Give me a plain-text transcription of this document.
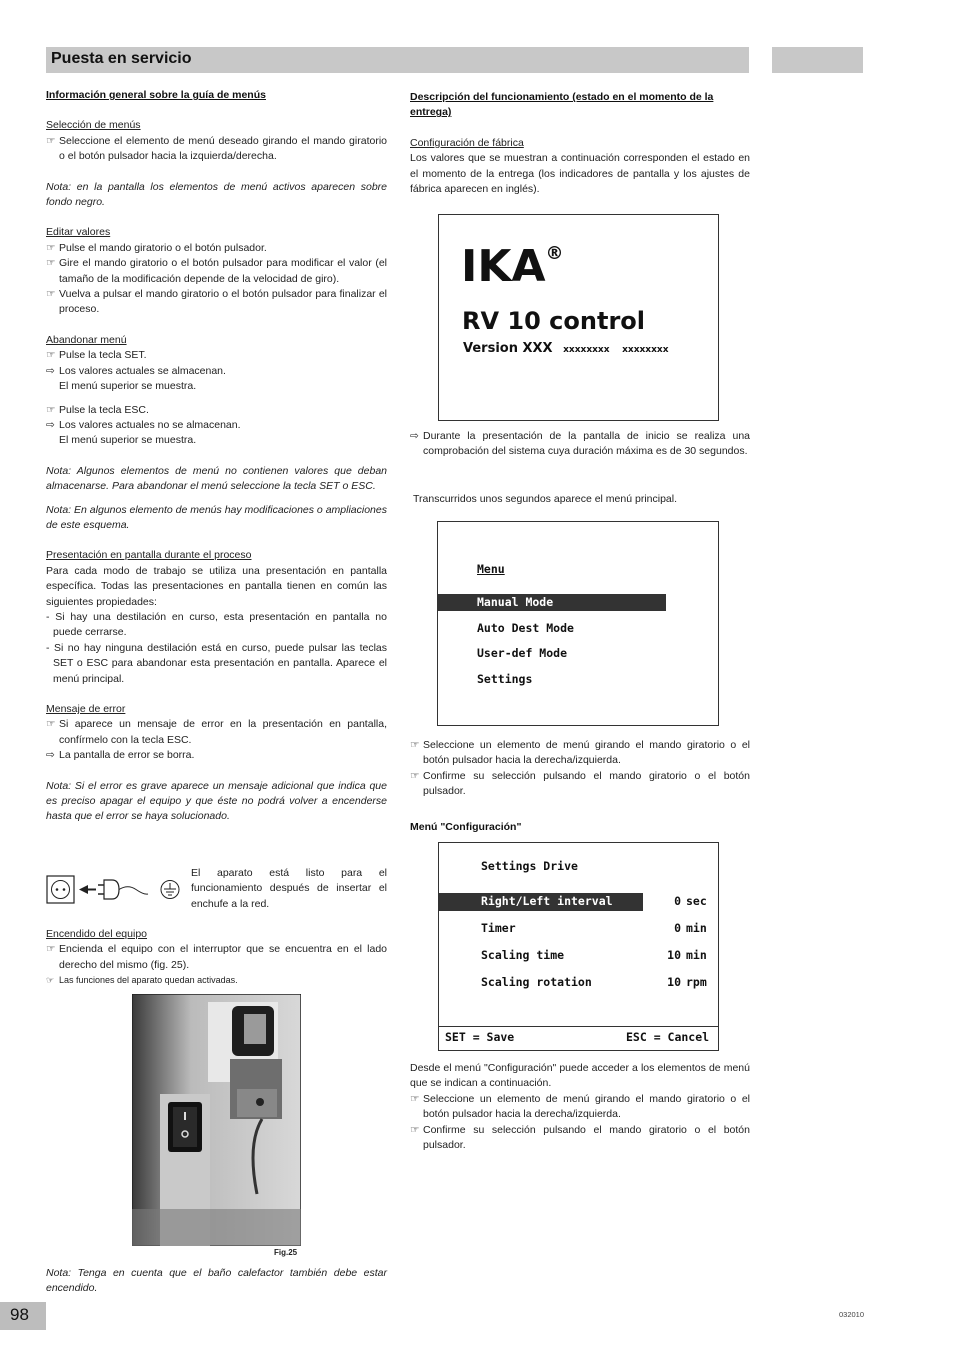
Puesta en servicio

Información general sobre la guía de menús

Selección de menús

☞ Seleccione el elemento de menú deseado girando el mando giratorio o el botón pulsador hacia la izquierda/derecha.

Nota: en la pantalla los elementos de menú activos aparecen sobre fondo negro.

Editar valores

☞ Pulse el mando giratorio o el botón pulsador.

☞ Gire el mando giratorio o el botón pulsador para modificar el valor (el tamaño de la modificación depende de la velocidad de giro).

☞ Vuelva a pulsar el mando giratorio o el botón pulsador para finalizar el proceso.

Abandonar menú

☞ Pulse la tecla SET.

⇨ Los valores actuales se almacenan.

El menú superior se muestra.

☞ Pulse la tecla ESC.

⇨ Los valores actuales no se almacenan.

El menú superior se muestra.

Nota: Algunos elementos de menú no contienen valores que deban almacenarse. Para abandonar el menú seleccione la tecla SET o ESC.

Nota: En algunos elemento de menús hay modificaciones o ampliaciones de este esquema.

Presentación en pantalla durante el proceso

Para cada modo de trabajo se utiliza una presentación en pantalla específica. Todas las presentaciones en pantalla tienen en común las siguientes propiedades:

- Si hay una destilación en curso, esta presentación en pantalla no puede cerrarse.

- Si no hay ninguna destilación está en curso, puede pulsar las teclas SET o ESC para abandonar esta presentación en pantalla. Aparece el menú principal.

Mensaje de error

☞ Si aparece un mensaje de error en la presentación en pantalla, confírmelo con la tecla ESC.

⇨ La pantalla de error se borra.

Nota: Si el error es grave aparece un mensaje adicional que indica que es preciso apagar el equipo y que éste no podrá volver a encenderse hasta que el error se haya solucionado.

El aparato está listo para el funcionamiento después de insertar el enchufe a la red.

Encendido del equipo

☞ Encienda el equipo con el interruptor que se encuentra en el lado derecho del mismo (fig. 25).

☞ Las funciones del aparato quedan activadas.

Fig.25

Nota: Tenga en cuenta que el baño calefactor también debe estar encendido.

Descripción del funcionamiento (estado en el momento de la entrega)

Configuración de fábrica

Los valores que se muestran a continuación corresponden el estado en el momento de la entrega (los indicadores de pantalla y los ajustes de fábrica aparecen en inglés).

IKA®
RV 10 control
Version XXX xxxxxxxx xxxxxxxx

⇨ Durante la presentación de la pantalla de inicio se realiza una comprobación del sistema cuya duración máxima es de 30 segundos.

Transcurridos unos segundos aparece el menú principal.

Menu
Manual Mode
Auto Dest Mode
User-def Mode
Settings

☞ Seleccione un elemento de menú girando el mando giratorio o el botón pulsador hacia la derecha/izquierda.

☞ Confirme su selección pulsando el mando giratorio o el botón pulsador.

Menú "Configuración"

Settings Drive
Right/Left interval	0 sec
Timer	0 min
Scaling time	10 min
Scaling rotation	10 rpm
SET = Save	ESC = Cancel

Desde el menú "Configuración" puede acceder a los elementos de menú que se indican a continuación.

☞ Seleccione un elemento de menú girando el mando giratorio o el botón pulsador hacia la derecha/izquierda.

☞ Confirme su selección pulsando el mando giratorio o el botón pulsador.

98	032010
